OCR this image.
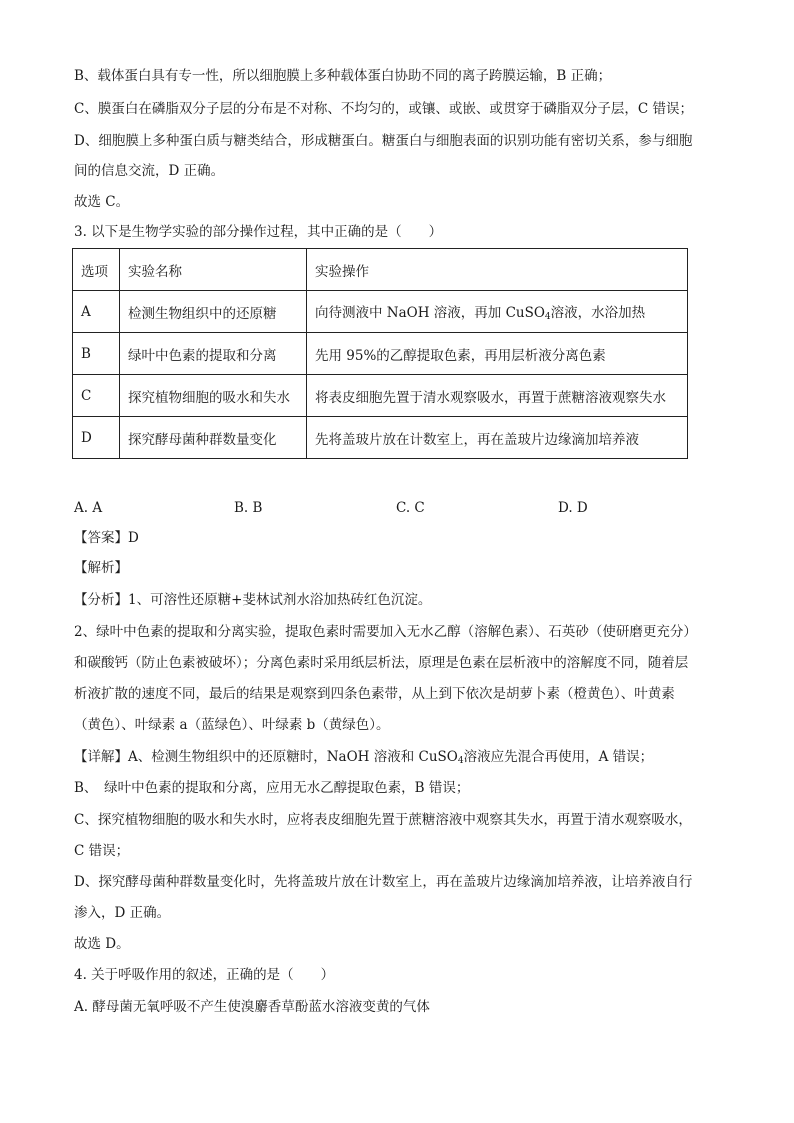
B、载体蛋白具有专一性，所以细胞膜上多种载体蛋白协助不同的离子跨膜运输，B 正确；
C、膜蛋白在磷脂双分子层的分布是不对称、不均匀的，或镶、或嵌、或贯穿于磷脂双分子层，C 错误；
D、细胞膜上多种蛋白质与糖类结合，形成糖蛋白。糖蛋白与细胞表面的识别功能有密切关系，参与细胞
间的信息交流，D 正确。
故选 C。
3. 以下是生物学实验的部分操作过程，其中正确的是（　　）
选项	实验名称	实验操作
A	检测生物组织中的还原糖	向待测液中 NaOH 溶液，再加 CuSO$_4$溶液，水浴加热
B	绿叶中色素的提取和分离	先用 95%的乙醇提取色素，再用层析液分离色素
C	探究植物细胞的吸水和失水	将表皮细胞先置于清水观察吸水，再置于蔗糖溶液观察失水
D	探究酵母菌种群数量变化	先将盖玻片放在计数室上，再在盖玻片边缘滴加培养液
A. A	B. B	C. C	D. D
【答案】D
【解析】
【分析】1、可溶性还原糖+斐林试剂水浴加热砖红色沉淀。
2、绿叶中色素的提取和分离实验，提取色素时需要加入无水乙醇（溶解色素）、石英砂（使研磨更充分）
和碳酸钙（防止色素被破坏）；分离色素时采用纸层析法，原理是色素在层析液中的溶解度不同，随着层
析液扩散的速度不同，最后的结果是观察到四条色素带，从上到下依次是胡萝卜素（橙黄色）、叶黄素
（黄色）、叶绿素 a（蓝绿色）、叶绿素 b（黄绿色）。
【详解】A、检测生物组织中的还原糖时，NaOH 溶液和 CuSO$_4$溶液应先混合再使用，A 错误；
B、　绿叶中色素的提取和分离，应用无水乙醇提取色素，B 错误；
C、探究植物细胞的吸水和失水时，应将表皮细胞先置于蔗糖溶液中观察其失水，再置于清水观察吸水，
C 错误；
D、探究酵母菌种群数量变化时，先将盖玻片放在计数室上，再在盖玻片边缘滴加培养液，让培养液自行
渗入，D 正确。
故选 D。
4. 关于呼吸作用的叙述，正确的是（　　）
A. 酵母菌无氧呼吸不产生使溴麝香草酚蓝水溶液变黄的气体
